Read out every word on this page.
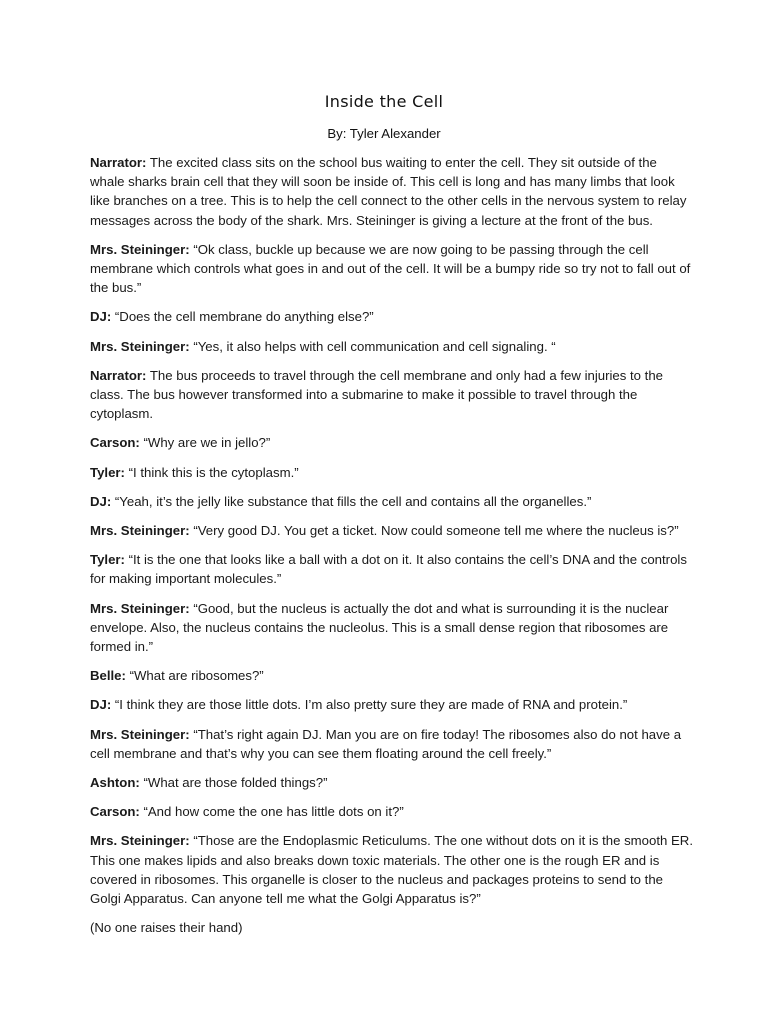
Inside the Cell
By: Tyler Alexander

Narrator: The excited class sits on the school bus waiting to enter the cell. They sit outside of the whale sharks brain cell that they will soon be inside of. This cell is long and has many limbs that look like branches on a tree. This is to help the cell connect to the other cells in the nervous system to relay messages across the body of the shark. Mrs. Steininger is giving a lecture at the front of the bus.

Mrs. Steininger: “Ok class, buckle up because we are now going to be passing through the cell membrane which controls what goes in and out of the cell. It will be a bumpy ride so try not to fall out of the bus.”

DJ: “Does the cell membrane do anything else?”

Mrs. Steininger: “Yes, it also helps with cell communication and cell signaling. “

Narrator: The bus proceeds to travel through the cell membrane and only had a few injuries to the class. The bus however transformed into a submarine to make it possible to travel through the cytoplasm.

Carson: “Why are we in jello?”

Tyler: “I think this is the cytoplasm.”

DJ: “Yeah, it’s the jelly like substance that fills the cell and contains all the organelles.”

Mrs. Steininger: “Very good DJ. You get a ticket. Now could someone tell me where the nucleus is?”

Tyler: “It is the one that looks like a ball with a dot on it. It also contains the cell’s DNA and the controls for making important molecules.”

Mrs. Steininger: “Good, but the nucleus is actually the dot and what is surrounding it is the nuclear envelope. Also, the nucleus contains the nucleolus. This is a small dense region that ribosomes are formed in.”

Belle: “What are ribosomes?”

DJ: “I think they are those little dots. I’m also pretty sure they are made of RNA and protein.”

Mrs. Steininger: “That’s right again DJ. Man you are on fire today! The ribosomes also do not have a cell membrane and that’s why you can see them floating around the cell freely.”

Ashton: “What are those folded things?”

Carson: “And how come the one has little dots on it?”

Mrs. Steininger: “Those are the Endoplasmic Reticulums. The one without dots on it is the smooth ER. This one makes lipids and also breaks down toxic materials. The other one is the rough ER and is covered in ribosomes. This organelle is closer to the nucleus and packages proteins to send to the Golgi Apparatus. Can anyone tell me what the Golgi Apparatus is?”

(No one raises their hand)
